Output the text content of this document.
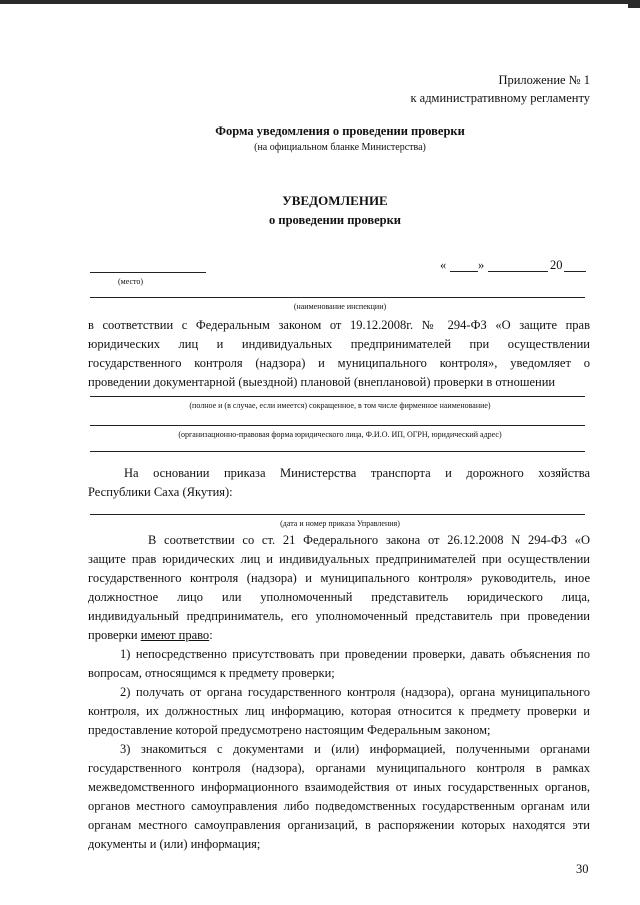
Приложение № 1
к административному регламенту
Форма уведомления о проведении проверки
(на официальном бланке Министерства)
УВЕДОМЛЕНИЕ
о проведении проверки
(место)
«	»	20
(наименование инспекции)
в соответствии с Федеральным законом от 19.12.2008г. № 294-ФЗ «О защите прав
юридических лиц и индивидуальных предпринимателей при осуществлении
государственного контроля (надзора) и муниципального контроля», уведомляет о
проведении документарной (выездной) плановой (внеплановой) проверки в отношении
(полное и (в случае, если имеется) сокращенное, в том числе фирменное наименование)
(организационно-правовая форма юридического лица, Ф.И.О. ИП, ОГРН, юридический адрес)
На основании приказа Министерства транспорта и дорожного хозяйства
Республики Саха (Якутия):
(дата и номер приказа Управления)
В соответствии со ст. 21 Федерального закона от 26.12.2008 N 294-ФЗ «О
защите прав юридических лиц и индивидуальных предпринимателей при осуществлении
государственного контроля (надзора) и муниципального контроля» руководитель, иное
должностное лицо или уполномоченный представитель юридического лица,
индивидуальный предприниматель, его уполномоченный представитель при проведении
проверки имеют право:
1) непосредственно присутствовать при проведении проверки, давать объяснения по
вопросам, относящимся к предмету проверки;
2) получать от органа государственного контроля (надзора), органа муниципального
контроля, их должностных лиц информацию, которая относится к предмету проверки и
предоставление которой предусмотрено настоящим Федеральным законом;
3) знакомиться с документами и (или) информацией, полученными органами
государственного контроля (надзора), органами муниципального контроля в рамках
межведомственного информационного взаимодействия от иных государственных органов,
органов местного самоуправления либо подведомственных государственным органам или
органам местного самоуправления организаций, в распоряжении которых находятся эти
документы и (или) информация;
30
